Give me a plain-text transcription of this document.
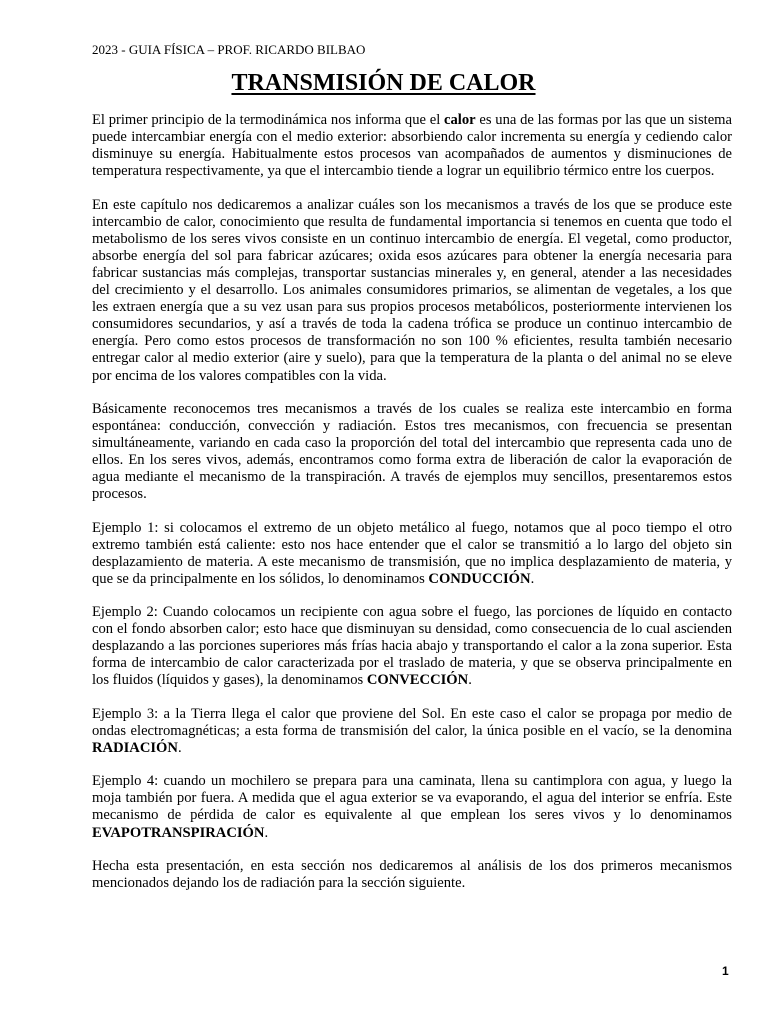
2023 - GUIA FÍSICA – PROF. RICARDO BILBAO
TRANSMISIÓN DE CALOR

El primer principio de la termodinámica nos informa que el calor es una de las formas por las que un sistema puede intercambiar energía con el medio exterior: absorbiendo calor incrementa su energía y cediendo calor disminuye su energía. Habitualmente estos procesos van acompañados de aumentos y disminuciones de temperatura respectivamente, ya que el intercambio tiende a lograr un equilibrio térmico entre los cuerpos.

En este capítulo nos dedicaremos a analizar cuáles son los mecanismos a través de los que se produce este intercambio de calor, conocimiento que resulta de fundamental importancia si tenemos en cuenta que todo el metabolismo de los seres vivos consiste en un continuo intercambio de energía. El vegetal, como productor, absorbe energía del sol para fabricar azúcares; oxida esos azúcares para obtener la energía necesaria para fabricar sustancias más complejas, transportar sustancias minerales y, en general, atender a las necesidades del crecimiento y el desarrollo. Los animales consumidores primarios, se alimentan de vegetales, a los que les extraen energía que a su vez usan para sus propios procesos metabólicos, posteriormente intervienen los consumidores secundarios, y así a través de toda la cadena trófica se produce un continuo intercambio de energía. Pero como estos procesos de transformación no son 100 % eficientes, resulta también necesario entregar calor al medio exterior (aire y suelo), para que la temperatura de la planta o del animal no se eleve por encima de los valores compatibles con la vida.

Básicamente reconocemos tres mecanismos a través de los cuales se realiza este intercambio en forma espontánea: conducción, convección y radiación. Estos tres mecanismos, con frecuencia se presentan simultáneamente, variando en cada caso la proporción del total del intercambio que representa cada uno de ellos. En los seres vivos, además, encontramos como forma extra de liberación de calor la evaporación de agua mediante el mecanismo de la transpiración. A través de ejemplos muy sencillos, presentaremos estos procesos.

Ejemplo 1: si colocamos el extremo de un objeto metálico al fuego, notamos que al poco tiempo el otro extremo también está caliente: esto nos hace entender que el calor se transmitió a lo largo del objeto sin desplazamiento de materia. A este mecanismo de transmisión, que no implica desplazamiento de materia, y que se da principalmente en los sólidos, lo denominamos CONDUCCIÓN.

Ejemplo 2: Cuando colocamos un recipiente con agua sobre el fuego, las porciones de líquido en contacto con el fondo absorben calor; esto hace que disminuyan su densidad, como consecuencia de lo cual ascienden desplazando a las porciones superiores más frías hacia abajo y transportando el calor a la zona superior. Esta forma de intercambio de calor caracterizada por el traslado de materia, y que se observa principalmente en los fluidos (líquidos y gases), la denominamos CONVECCIÓN.

Ejemplo 3: a la Tierra llega el calor que proviene del Sol. En este caso el calor se propaga por medio de ondas electromagnéticas; a esta forma de transmisión del calor, la única posible en el vacío, se la denomina RADIACIÓN.

Ejemplo 4: cuando un mochilero se prepara para una caminata, llena su cantimplora con agua, y luego la moja también por fuera. A medida que el agua exterior se va evaporando, el agua del interior se enfría. Este mecanismo de pérdida de calor es equivalente al que emplean los seres vivos y lo denominamos EVAPOTRANSPIRACIÓN.

Hecha esta presentación, en esta sección nos dedicaremos al análisis de los dos primeros mecanismos mencionados dejando los de radiación para la sección siguiente.

1
